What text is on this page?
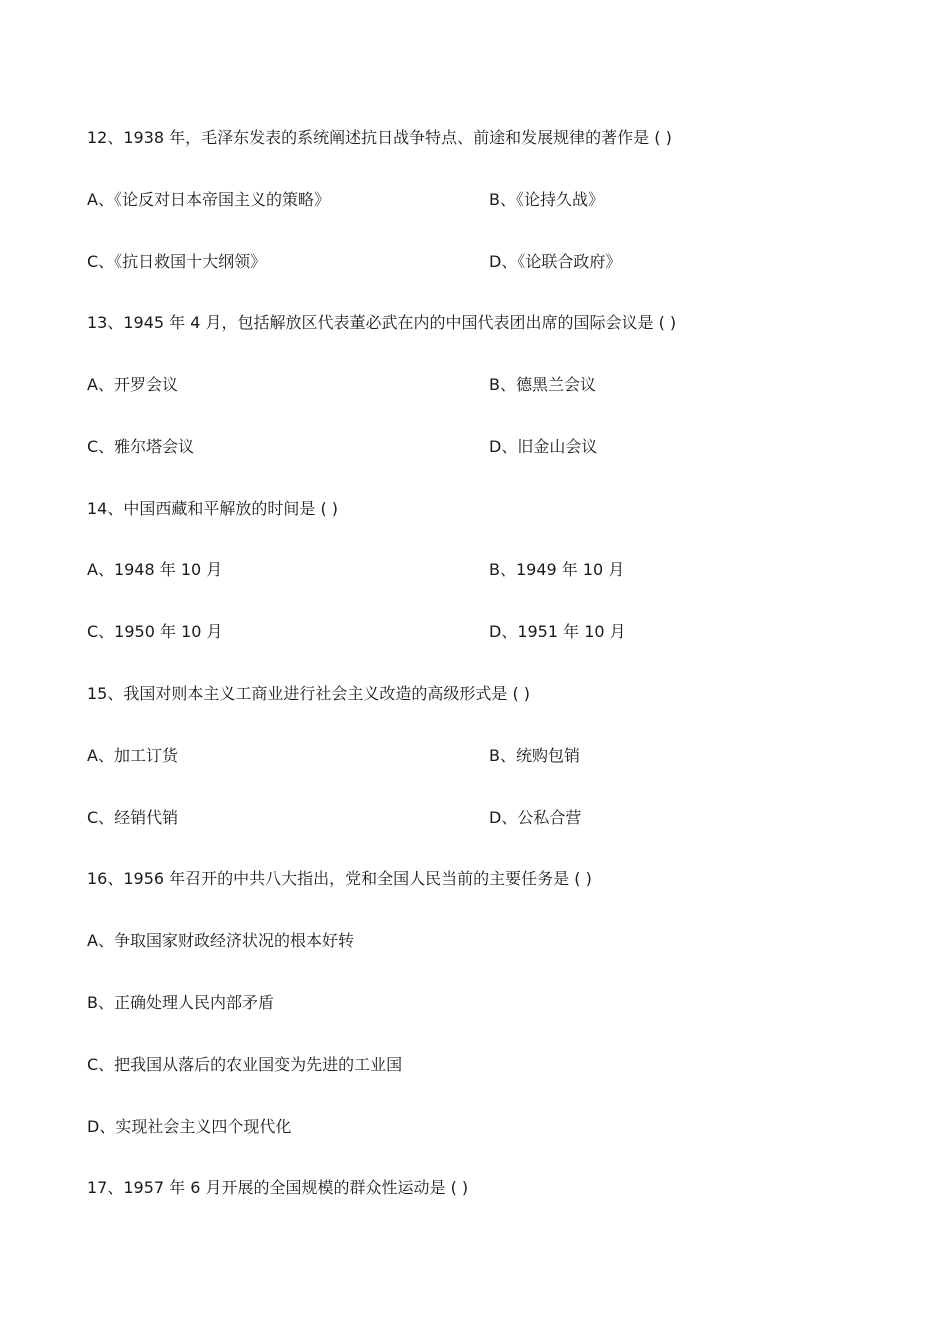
12、1938 年，毛泽东发表的系统阐述抗日战争特点、前途和发展规律的著作是 ( )
A、《论反对日本帝国主义的策略》	B、《论持久战》
C、《抗日救国十大纲领》	D、《论联合政府》
13、1945 年 4 月，包括解放区代表董必武在内的中国代表团出席的国际会议是 ( )
A、开罗会议	B、德黑兰会议
C、雅尔塔会议	D、旧金山会议
14、中国西藏和平解放的时间是 ( )
A、1948 年 10 月	B、1949 年 10 月
C、1950 年 10 月	D、1951 年 10 月
15、我国对则本主义工商业进行社会主义改造的高级形式是 ( )
A、加工订货	B、统购包销
C、经销代销	D、公私合营
16、1956 年召开的中共八大指出，党和全国人民当前的主要任务是 ( )
A、争取国家财政经济状况的根本好转
B、正确处理人民内部矛盾
C、把我国从落后的农业国变为先进的工业国
D、实现社会主义四个现代化
17、1957 年 6 月开展的全国规模的群众性运动是 ( )
